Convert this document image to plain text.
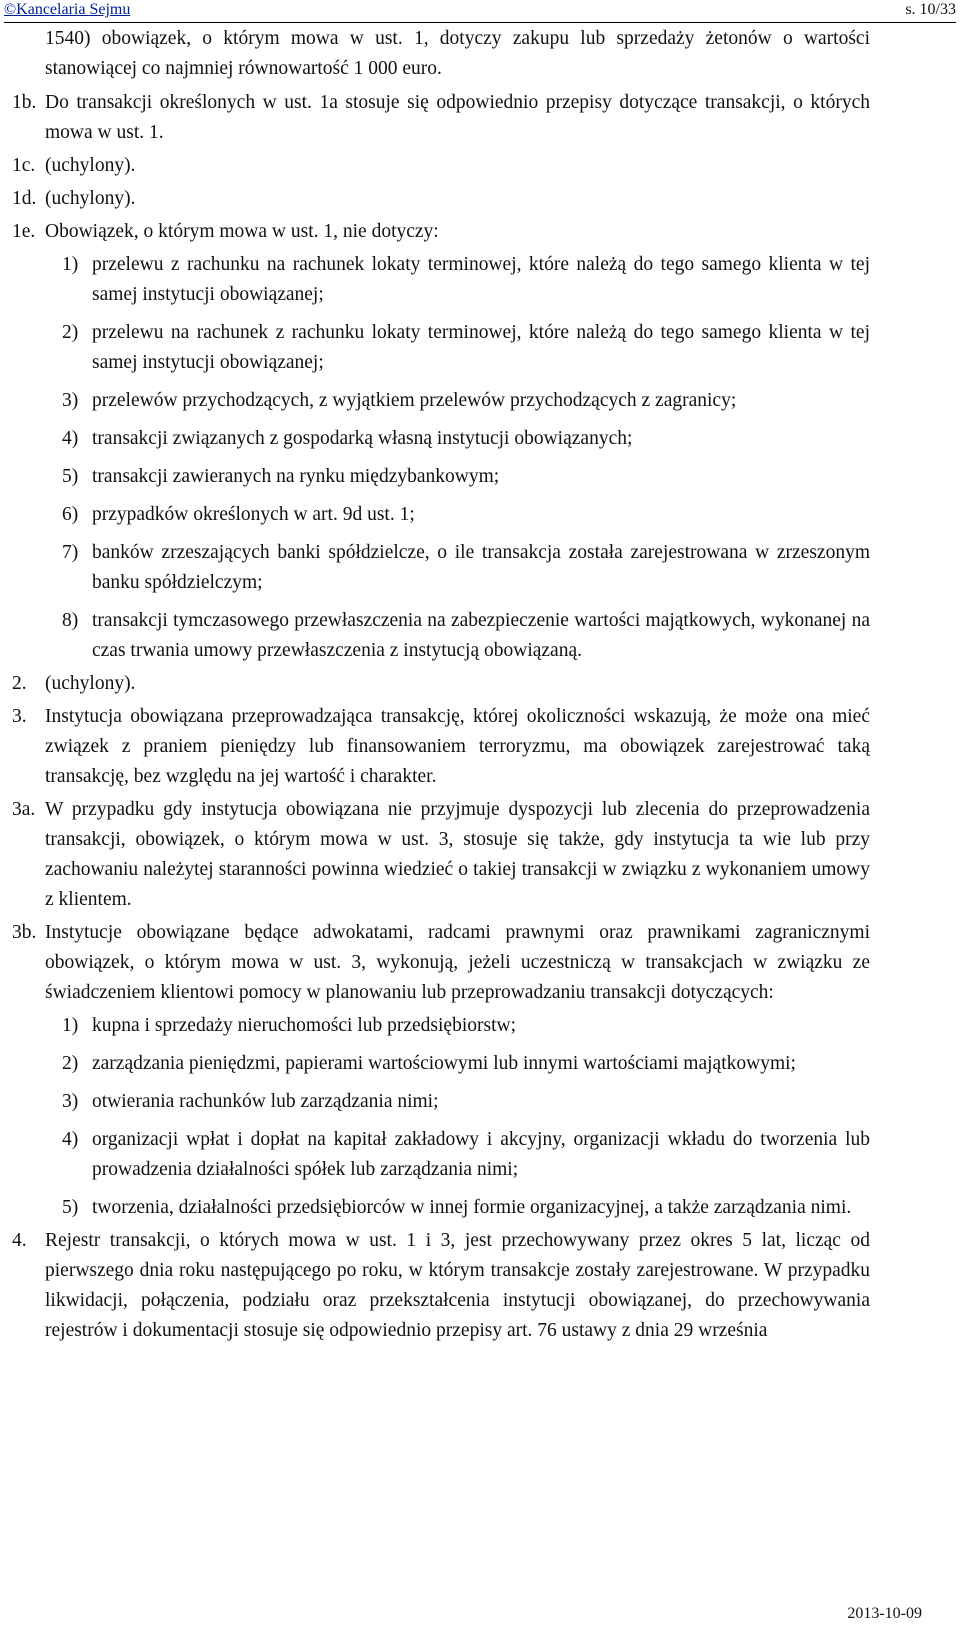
©Kancelaria Sejmu	s. 10/33
1540) obowiązek, o którym mowa w ust. 1, dotyczy zakupu lub sprzedaży żetonów o wartości stanowiącej co najmniej równowartość 1 000 euro.
1b. Do transakcji określonych w ust. 1a stosuje się odpowiednio przepisy dotyczące transakcji, o których mowa w ust. 1.
1c. (uchylony).
1d. (uchylony).
1e. Obowiązek, o którym mowa w ust. 1, nie dotyczy:
1) przelewu z rachunku na rachunek lokaty terminowej, które należą do tego samego klienta w tej samej instytucji obowiązanej;
2) przelewu na rachunek z rachunku lokaty terminowej, które należą do tego samego klienta w tej samej instytucji obowiązanej;
3) przelewów przychodzących, z wyjątkiem przelewów przychodzących z zagranicy;
4) transakcji związanych z gospodarką własną instytucji obowiązanych;
5) transakcji zawieranych na rynku międzybankowym;
6) przypadków określonych w art. 9d ust. 1;
7) banków zrzeszających banki spółdzielcze, o ile transakcja została zarejestrowana w zrzeszonym banku spółdzielczym;
8) transakcji tymczasowego przewłaszczenia na zabezpieczenie wartości majątkowych, wykonanej na czas trwania umowy przewłaszczenia z instytucją obowiązaną.
2. (uchylony).
3. Instytucja obowiązana przeprowadzająca transakcję, której okoliczności wskazują, że może ona mieć związek z praniem pieniędzy lub finansowaniem terroryzmu, ma obowiązek zarejestrować taką transakcję, bez względu na jej wartość i charakter.
3a. W przypadku gdy instytucja obowiązana nie przyjmuje dyspozycji lub zlecenia do przeprowadzenia transakcji, obowiązek, o którym mowa w ust. 3, stosuje się także, gdy instytucja ta wie lub przy zachowaniu należytej staranności powinna wiedzieć o takiej transakcji w związku z wykonaniem umowy z klientem.
3b. Instytucje obowiązane będące adwokatami, radcami prawnymi oraz prawnikami zagranicznymi obowiązek, o którym mowa w ust. 3, wykonują, jeżeli uczestniczą w transakcjach w związku ze świadczeniem klientowi pomocy w planowaniu lub przeprowadzaniu transakcji dotyczących:
1) kupna i sprzedaży nieruchomości lub przedsiębiorstw;
2) zarządzania pieniędzmi, papierami wartościowymi lub innymi wartościami majątkowymi;
3) otwierania rachunków lub zarządzania nimi;
4) organizacji wpłat i dopłat na kapitał zakładowy i akcyjny, organizacji wkładu do tworzenia lub prowadzenia działalności spółek lub zarządzania nimi;
5) tworzenia, działalności przedsiębiorców w innej formie organizacyjnej, a także zarządzania nimi.
4. Rejestr transakcji, o których mowa w ust. 1 i 3, jest przechowywany przez okres 5 lat, licząc od pierwszego dnia roku następującego po roku, w którym transakcje zostały zarejestrowane. W przypadku likwidacji, połączenia, podziału oraz przekształcenia instytucji obowiązanej, do przechowywania rejestrów i dokumentacji stosuje się odpowiednio przepisy art. 76 ustawy z dnia 29 września
2013-10-09
